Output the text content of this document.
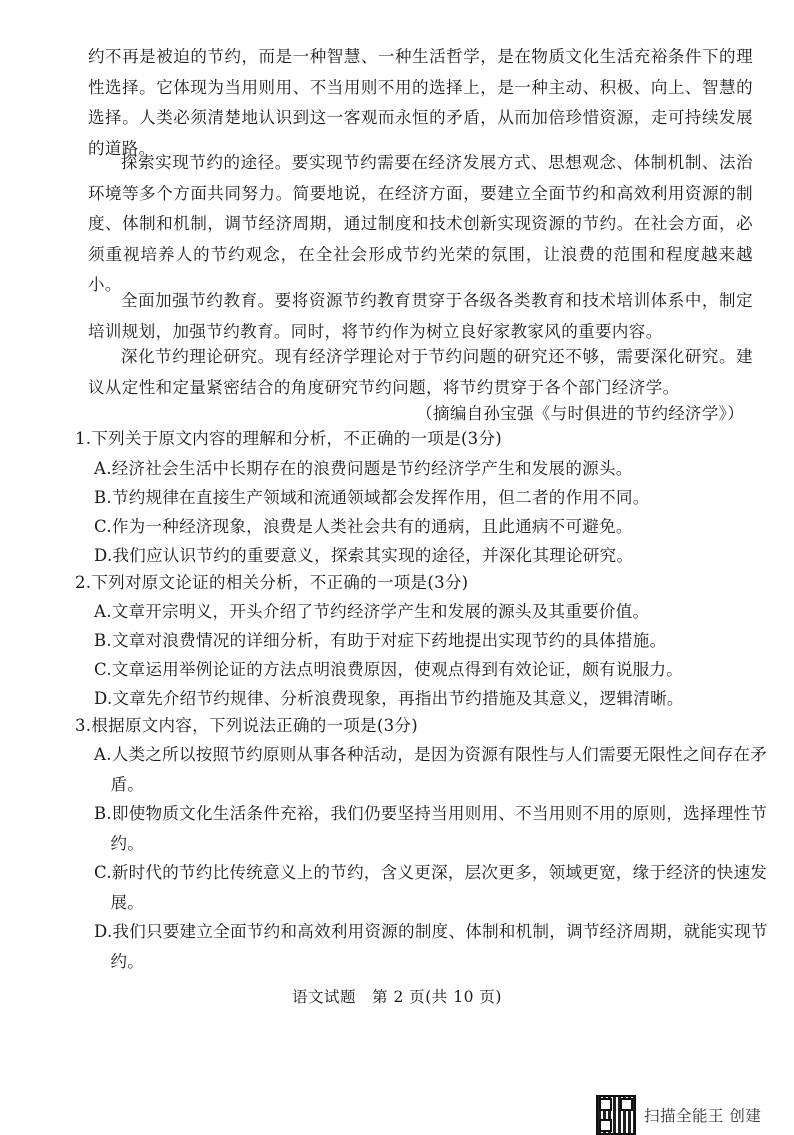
约不再是被迫的节约，而是一种智慧、一种生活哲学，是在物质文化生活充裕条件下的理性选择。它体现为当用则用、不当用则不用的选择上，是一种主动、积极、向上、智慧的选择。人类必须清楚地认识到这一客观而永恒的矛盾，从而加倍珍惜资源，走可持续发展的道路。

探索实现节约的途径。要实现节约需要在经济发展方式、思想观念、体制机制、法治环境等多个方面共同努力。简要地说，在经济方面，要建立全面节约和高效利用资源的制度、体制和机制，调节经济周期，通过制度和技术创新实现资源的节约。在社会方面，必须重视培养人的节约观念，在全社会形成节约光荣的氛围，让浪费的范围和程度越来越小。

全面加强节约教育。要将资源节约教育贯穿于各级各类教育和技术培训体系中，制定培训规划，加强节约教育。同时，将节约作为树立良好家教家风的重要内容。

深化节约理论研究。现有经济学理论对于节约问题的研究还不够，需要深化研究。建议从定性和定量紧密结合的角度研究节约问题，将节约贯穿于各个部门经济学。

（摘编自孙宝强《与时俱进的节约经济学》）
1.下列关于原文内容的理解和分析，不正确的一项是(3分)
A.经济社会生活中长期存在的浪费问题是节约经济学产生和发展的源头。
B.节约规律在直接生产领域和流通领域都会发挥作用，但二者的作用不同。
C.作为一种经济现象，浪费是人类社会共有的通病，且此通病不可避免。
D.我们应认识节约的重要意义，探索其实现的途径，并深化其理论研究。
2.下列对原文论证的相关分析，不正确的一项是(3分)
A.文章开宗明义，开头介绍了节约经济学产生和发展的源头及其重要价值。
B.文章对浪费情况的详细分析，有助于对症下药地提出实现节约的具体措施。
C.文章运用举例论证的方法点明浪费原因，使观点得到有效论证，颇有说服力。
D.文章先介绍节约规律、分析浪费现象，再指出节约措施及其意义，逻辑清晰。
3.根据原文内容，下列说法正确的一项是(3分)
A.人类之所以按照节约原则从事各种活动，是因为资源有限性与人们需要无限性之间存在矛盾。
B.即使物质文化生活条件充裕，我们仍要坚持当用则用、不当用则不用的原则，选择理性节约。
C.新时代的节约比传统意义上的节约，含义更深，层次更多，领域更宽，缘于经济的快速发展。
D.我们只要建立全面节约和高效利用资源的制度、体制和机制，调节经济周期，就能实现节约。
语文试题　第 2 页(共 10 页)
扫描全能王 创建
